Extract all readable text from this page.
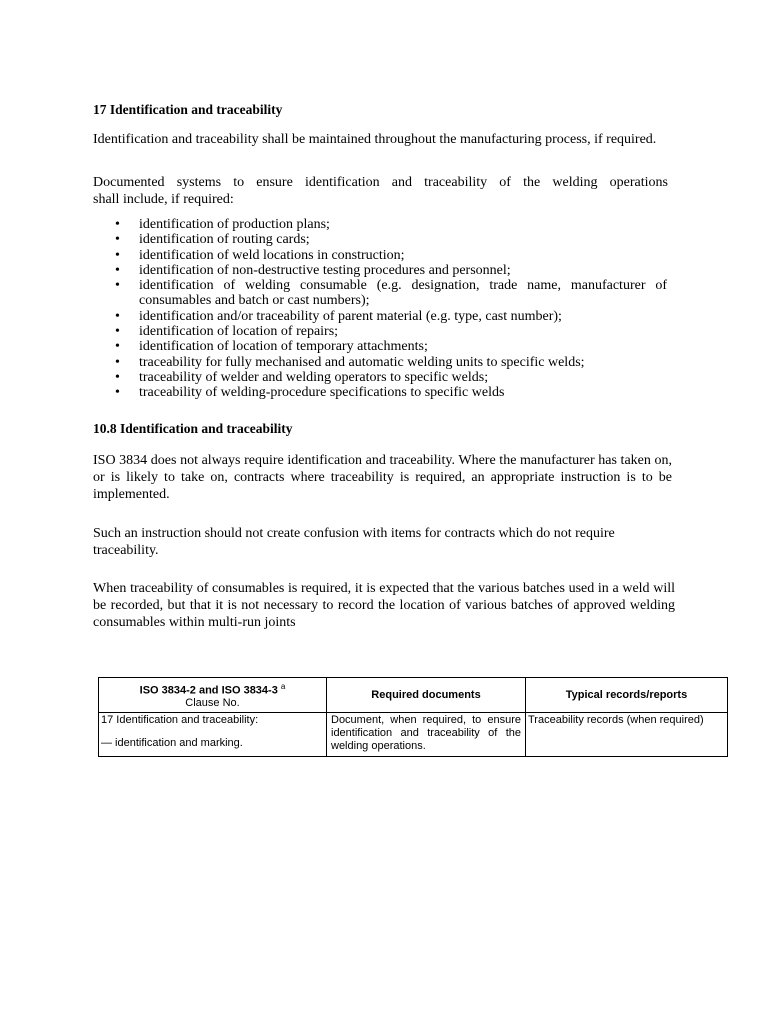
17 Identification and traceability
Identification and traceability shall be maintained throughout the manufacturing process, if required.
Documented systems to ensure identification and traceability of the welding operations
shall include, if required:
• identification of production plans;
• identification of routing cards;
• identification of weld locations in construction;
• identification of non-destructive testing procedures and personnel;
• identification of welding consumable (e.g. designation, trade name, manufacturer of consumables and batch or cast numbers);
• identification and/or traceability of parent material (e.g. type, cast number);
• identification of location of repairs;
• identification of location of temporary attachments;
• traceability for fully mechanised and automatic welding units to specific welds;
• traceability of welder and welding operators to specific welds;
• traceability of welding-procedure specifications to specific welds
10.8 Identification and traceability
ISO 3834 does not always require identification and traceability. Where the manufacturer has taken on, or is likely to take on, contracts where traceability is required, an appropriate instruction is to be implemented.
Such an instruction should not create confusion with items for contracts which do not require traceability.
When traceability of consumables is required, it is expected that the various batches used in a weld will be recorded, but that it is not necessary to record the location of various batches of approved welding consumables within multi-run joints
ISO 3834-2 and ISO 3834-3 $^a$
Clause No.	Required documents	Typical records/reports

17 Identification and traceability:
— identification and marking.	Document, when required, to ensure identification and traceability of the welding operations.	Traceability records (when required)
